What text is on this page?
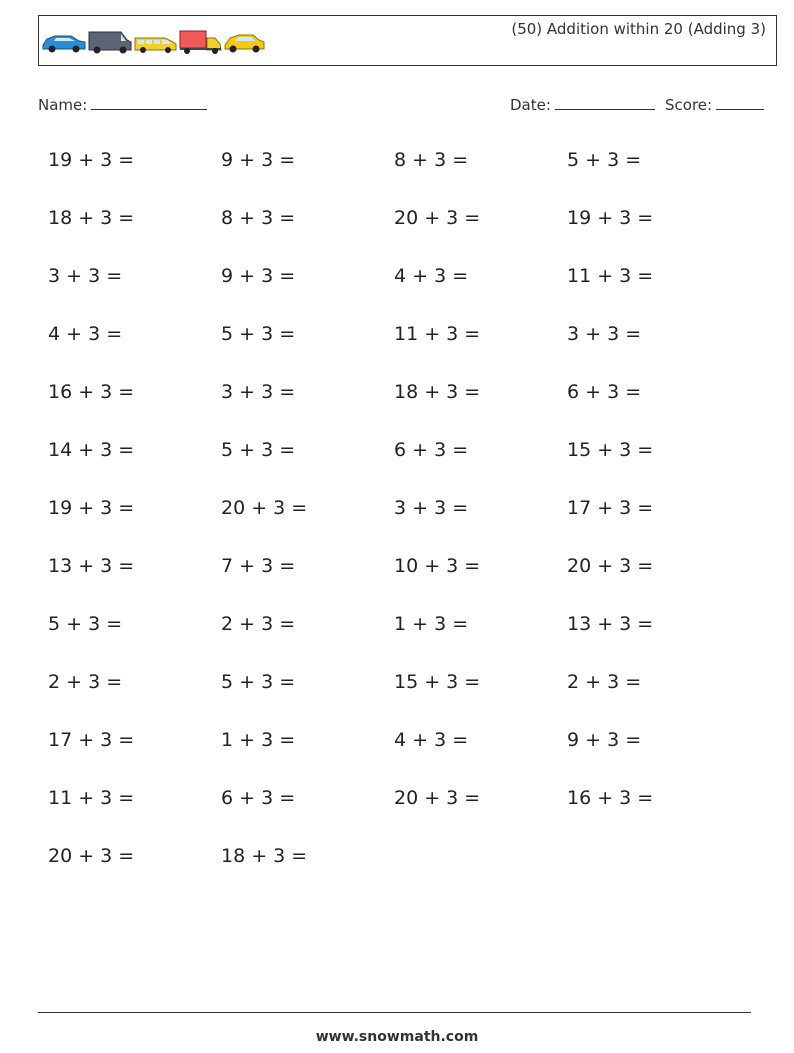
(50) Addition within 20 (Adding 3)
Name:	Date:	Score:
19 + 3 =	9 + 3 =	8 + 3 =	5 + 3 =
18 + 3 =	8 + 3 =	20 + 3 =	19 + 3 =
3 + 3 =	9 + 3 =	4 + 3 =	11 + 3 =
4 + 3 =	5 + 3 =	11 + 3 =	3 + 3 =
16 + 3 =	3 + 3 =	18 + 3 =	6 + 3 =
14 + 3 =	5 + 3 =	6 + 3 =	15 + 3 =
19 + 3 =	20 + 3 =	3 + 3 =	17 + 3 =
13 + 3 =	7 + 3 =	10 + 3 =	20 + 3 =
5 + 3 =	2 + 3 =	1 + 3 =	13 + 3 =
2 + 3 =	5 + 3 =	15 + 3 =	2 + 3 =
17 + 3 =	1 + 3 =	4 + 3 =	9 + 3 =
11 + 3 =	6 + 3 =	20 + 3 =	16 + 3 =
20 + 3 =	18 + 3 =
www.snowmath.com
